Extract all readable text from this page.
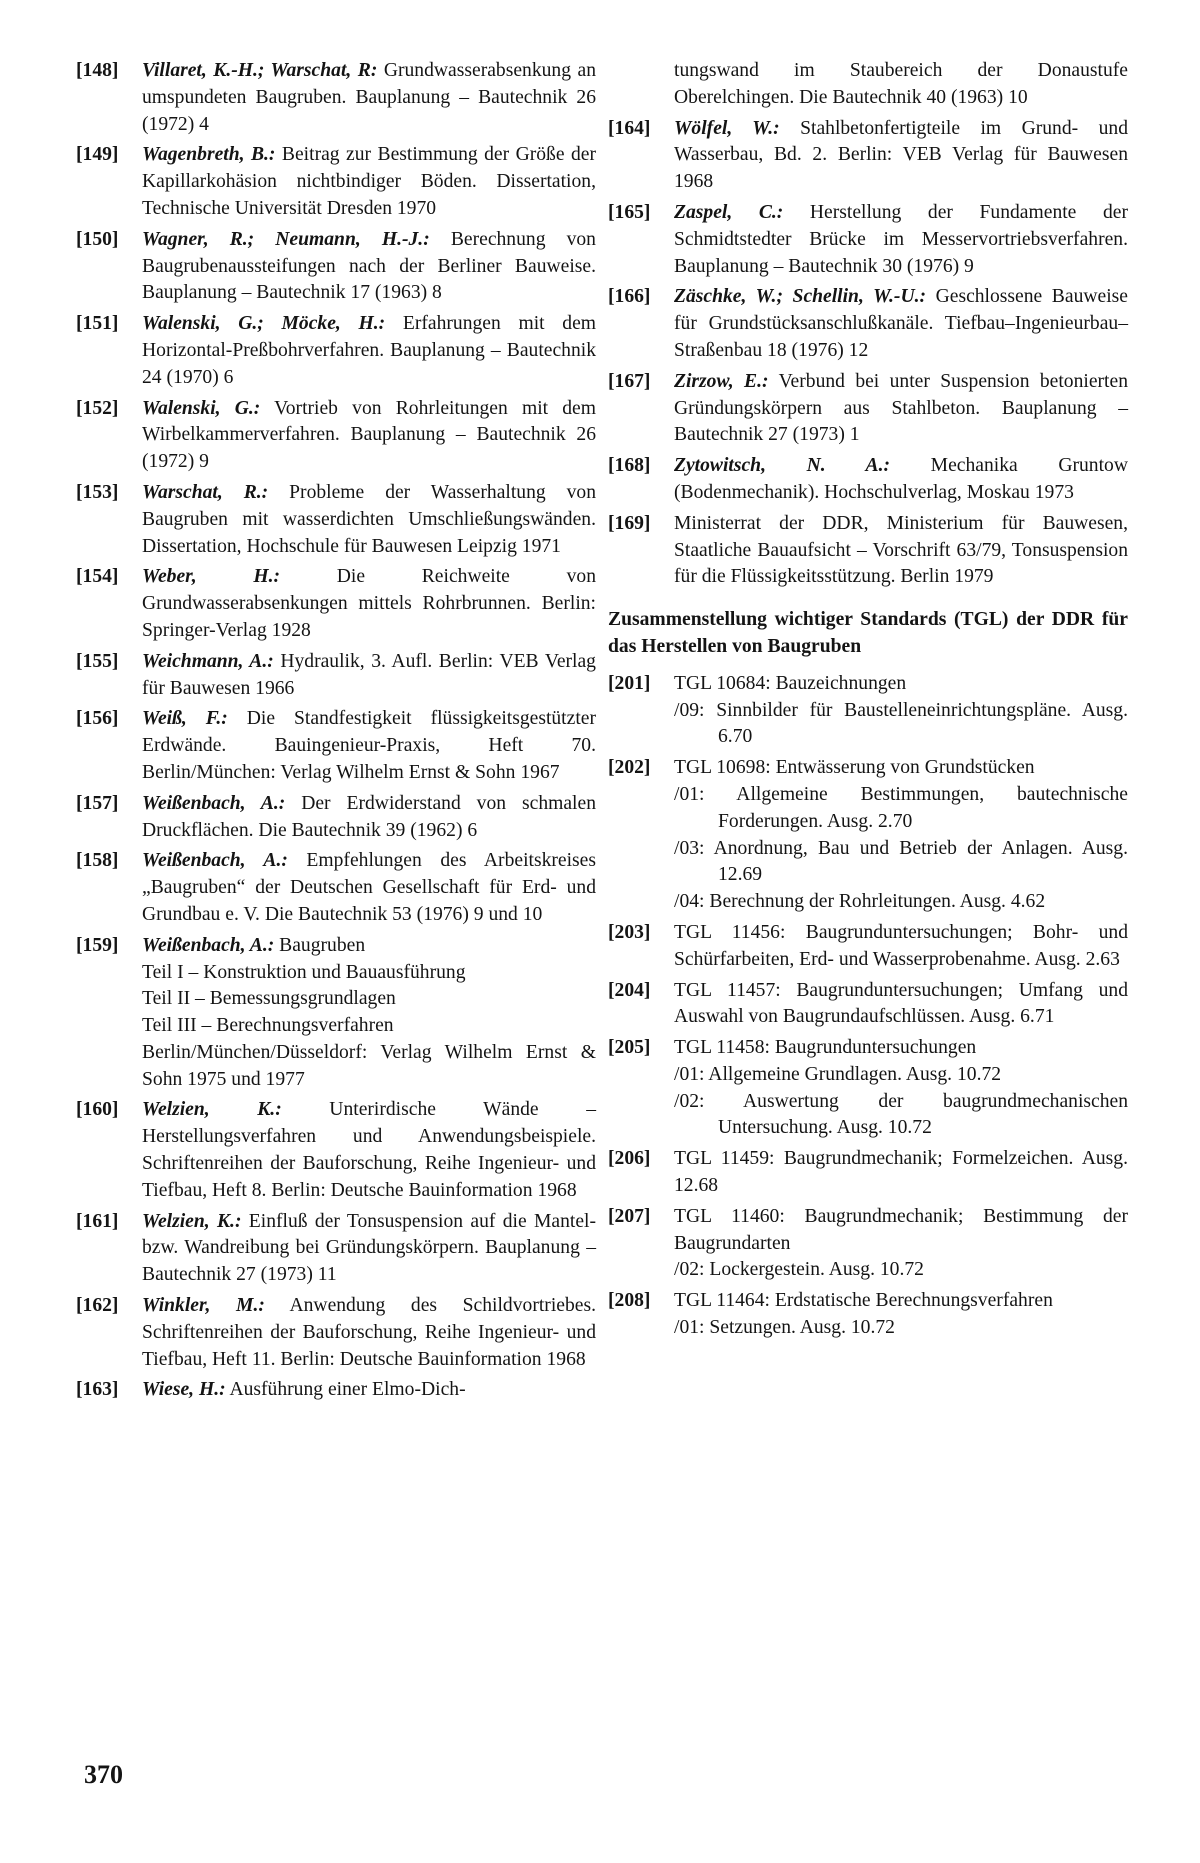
[148]	Villaret, K.-H.; Warschat, R: Grundwasserabsenkung an umspundeten Baugruben. Bauplanung – Bautechnik 26 (1972) 4
[149]	Wagenbreth, B.: Beitrag zur Bestimmung der Größe der Kapillarkohäsion nichtbindiger Böden. Dissertation, Technische Universität Dresden 1970
[150]	Wagner, R.; Neumann, H.-J.: Berechnung von Baugrubenaussteifungen nach der Berliner Bauweise. Bauplanung – Bautechnik 17 (1963) 8
[151]	Walenski, G.; Möcke, H.: Erfahrungen mit dem Horizontal-Preßbohrverfahren. Bauplanung – Bautechnik 24 (1970) 6
[152]	Walenski, G.: Vortrieb von Rohrleitungen mit dem Wirbelkammerverfahren. Bauplanung – Bautechnik 26 (1972) 9
[153]	Warschat, R.: Probleme der Wasserhaltung von Baugruben mit wasserdichten Umschließungswänden. Dissertation, Hochschule für Bauwesen Leipzig 1971
[154]	Weber, H.: Die Reichweite von Grundwasserabsenkungen mittels Rohrbrunnen. Berlin: Springer-Verlag 1928
[155]	Weichmann, A.: Hydraulik, 3. Aufl. Berlin: VEB Verlag für Bauwesen 1966
[156]	Weiß, F.: Die Standfestigkeit flüssigkeitsgestützter Erdwände. Bauingenieur-Praxis, Heft 70. Berlin/München: Verlag Wilhelm Ernst & Sohn 1967
[157]	Weißenbach, A.: Der Erdwiderstand von schmalen Druckflächen. Die Bautechnik 39 (1962) 6
[158]	Weißenbach, A.: Empfehlungen des Arbeitskreises „Baugruben“ der Deutschen Gesellschaft für Erd- und Grundbau e. V. Die Bautechnik 53 (1976) 9 und 10
[159]	Weißenbach, A.: Baugruben
Teil I – Konstruktion und Bauausführung
Teil II – Bemessungsgrundlagen
Teil III – Berechnungsverfahren
Berlin/München/Düsseldorf: Verlag Wilhelm Ernst & Sohn 1975 und 1977
[160]	Welzien, K.: Unterirdische Wände – Herstellungsverfahren und Anwendungsbeispiele. Schriftenreihen der Bauforschung, Reihe Ingenieur- und Tiefbau, Heft 8. Berlin: Deutsche Bauinformation 1968
[161]	Welzien, K.: Einfluß der Tonsuspension auf die Mantel- bzw. Wandreibung bei Gründungskörpern. Bauplanung – Bautechnik 27 (1973) 11
[162]	Winkler, M.: Anwendung des Schildvortriebes. Schriftenreihen der Bauforschung, Reihe Ingenieur- und Tiefbau, Heft 11. Berlin: Deutsche Bauinformation 1968
[163]	Wiese, H.: Ausführung einer Elmo-Dich-
tungswand im Staubereich der Donaustufe Oberelchingen. Die Bautechnik 40 (1963) 10
[164]	Wölfel, W.: Stahlbetonfertigteile im Grund- und Wasserbau, Bd. 2. Berlin: VEB Verlag für Bauwesen 1968
[165]	Zaspel, C.: Herstellung der Fundamente der Schmidtstedter Brücke im Messervortriebsverfahren. Bauplanung – Bautechnik 30 (1976) 9
[166]	Zäschke, W.; Schellin, W.-U.: Geschlossene Bauweise für Grundstücksanschlußkanäle. Tiefbau–Ingenieurbau–Straßenbau 18 (1976) 12
[167]	Zirzow, E.: Verbund bei unter Suspension betonierten Gründungskörpern aus Stahlbeton. Bauplanung – Bautechnik 27 (1973) 1
[168]	Zytowitsch, N. A.: Mechanika Gruntow (Bodenmechanik). Hochschulverlag, Moskau 1973
[169]	Ministerrat der DDR, Ministerium für Bauwesen, Staatliche Bauaufsicht – Vorschrift 63/79, Tonsuspension für die Flüssigkeitsstützung. Berlin 1979
Zusammenstellung wichtiger Standards (TGL) der DDR für das Herstellen von Baugruben
[201]	TGL 10684: Bauzeichnungen
/09: Sinnbilder für Baustelleneinrichtungspläne. Ausg. 6.70
[202]	TGL 10698: Entwässerung von Grundstücken
/01: Allgemeine Bestimmungen, bautechnische Forderungen. Ausg. 2.70
/03: Anordnung, Bau und Betrieb der Anlagen. Ausg. 12.69
/04: Berechnung der Rohrleitungen. Ausg. 4.62
[203]	TGL 11456: Baugrunduntersuchungen; Bohr- und Schürfarbeiten, Erd- und Wasserprobenahme. Ausg. 2.63
[204]	TGL 11457: Baugrunduntersuchungen; Umfang und Auswahl von Baugrundaufschlüssen. Ausg. 6.71
[205]	TGL 11458: Baugrunduntersuchungen
/01: Allgemeine Grundlagen. Ausg. 10.72
/02: Auswertung der baugrundmechanischen Untersuchung. Ausg. 10.72
[206]	TGL 11459: Baugrundmechanik; Formelzeichen. Ausg. 12.68
[207]	TGL 11460: Baugrundmechanik; Bestimmung der Baugrundarten
/02: Lockergestein. Ausg. 10.72
[208]	TGL 11464: Erdstatische Berechnungsverfahren
/01: Setzungen. Ausg. 10.72
370
